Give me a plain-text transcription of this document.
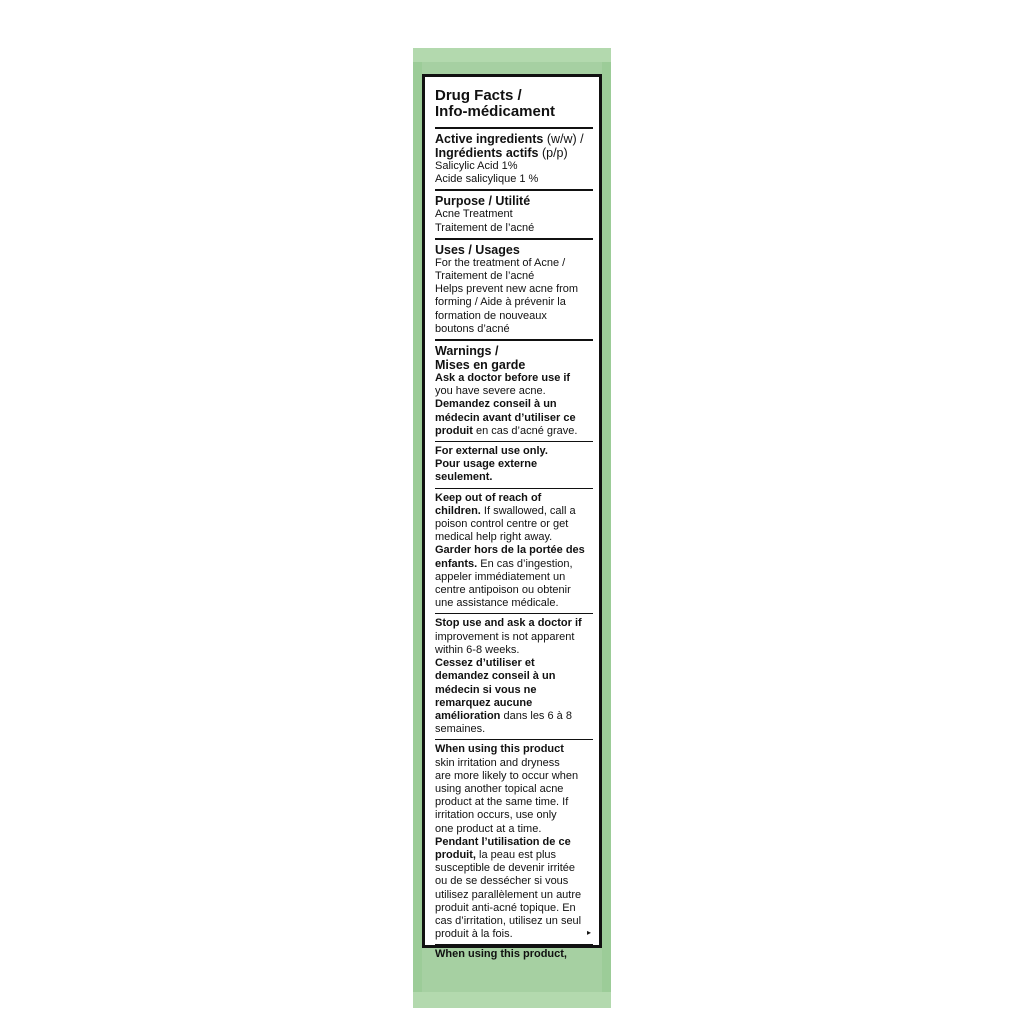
Drug Facts /
Info-médicament
Active ingredients (w/w) /
Ingrédients actifs (p/p)
Salicylic Acid 1%
Acide salicylique 1 %
Purpose / Utilité
Acne Treatment
Traitement de l’acné
Uses / Usages
For the treatment of Acne /
Traitement de l’acné
Helps prevent new acne from
forming / Aide à prévenir la
formation de nouveaux
boutons d’acné
Warnings /
Mises en garde
Ask a doctor before use if
you have severe acne.
Demandez conseil à un
médecin avant d’utiliser ce
produit en cas d’acné grave.
For external use only.
Pour usage externe
seulement.
Keep out of reach of
children. If swallowed, call a
poison control centre or get
medical help right away.
Garder hors de la portée des
enfants. En cas d’ingestion,
appeler immédiatement un
centre antipoison ou obtenir
une assistance médicale.
Stop use and ask a doctor if
improvement is not apparent
within 6-8 weeks.
Cessez d’utiliser et
demandez conseil à un
médecin si vous ne
remarquez aucune
amélioration dans les 6 à 8
semaines.
When using this product
skin irritation and dryness
are more likely to occur when
using another topical acne
product at the same time. If
irritation occurs, use only
one product at a time.
Pendant l’utilisation de ce
produit, la peau est plus
susceptible de devenir irritée
ou de se dessécher si vous
utilisez parallèlement un autre
produit anti-acné topique. En
cas d’irritation, utilisez un seul
produit à la fois.
When using this product,
▸
